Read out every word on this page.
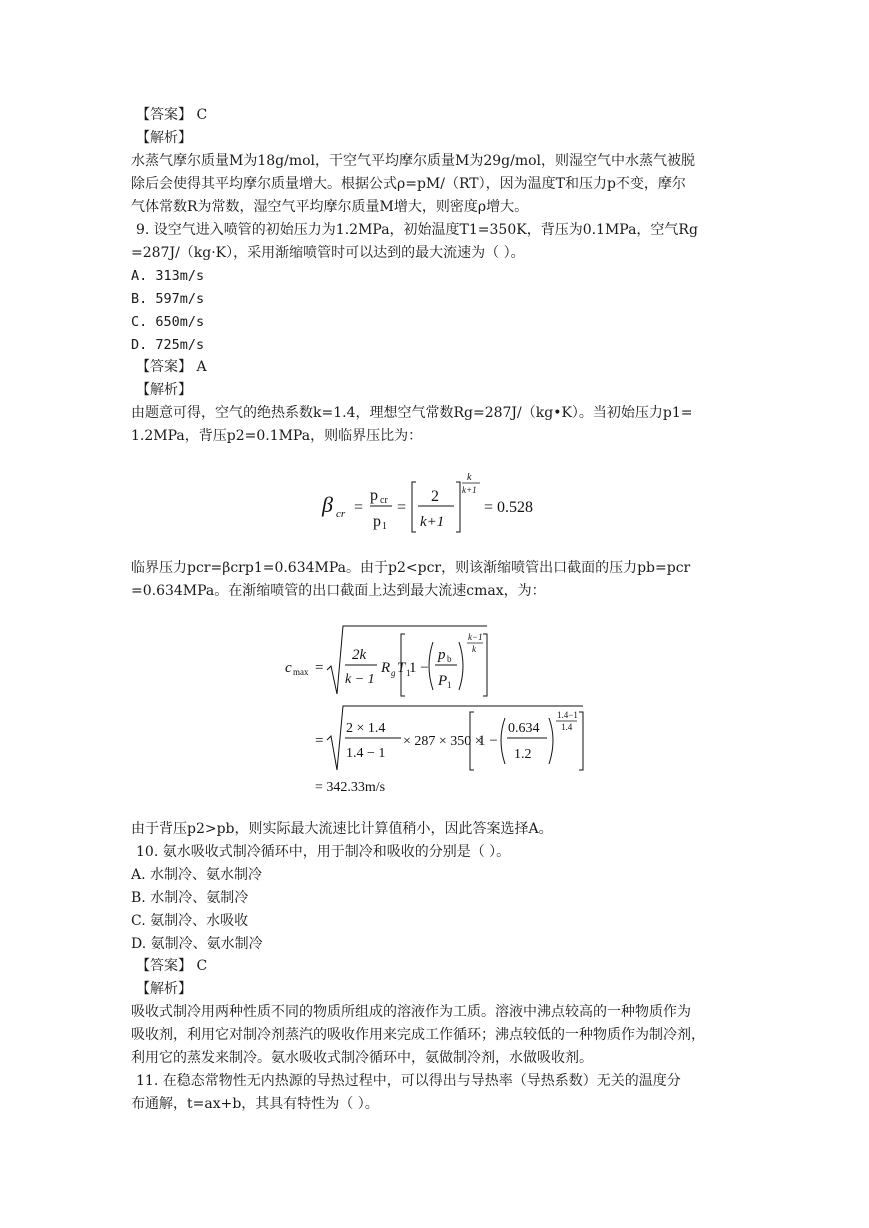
【答案】 C
【解析】
水蒸气摩尔质量M为18g/mol，干空气平均摩尔质量M为29g/mol，则湿空气中水蒸气被脱
除后会使得其平均摩尔质量增大。根据公式ρ=pM/（RT），因为温度T和压力p不变，摩尔
气体常数R为常数，湿空气平均摩尔质量M增大，则密度ρ增大。
9. 设空气进入喷管的初始压力为1.2MPa，初始温度T1=350K，背压为0.1MPa，空气Rg
=287J/（kg·K），采用渐缩喷管时可以达到的最大流速为（ ）。
A. 313m/s
B. 597m/s
C. 650m/s
D. 725m/s
【答案】 A
【解析】
由题意可得，空气的绝热系数k=1.4，理想空气常数Rg=287J/（kg•K）。当初始压力p1=
1.2MPa，背压p2=0.1MPa，则临界压比为：
β cr =
p cr
p 1
=
2
k+1
k
k+1
= 0.528
临界压力pcr=βcrp1=0.634MPa。由于p2<pcr，则该渐缩喷管出口截面的压力pb=pcr
=0.634MPa。在渐缩喷管的出口截面上达到最大流速cmax，为：
c max =
2k
k − 1
R g T 1
1 −
p b
P 1
k−1
k
=
2 × 1.4
1.4 − 1
× 287 × 350 ×
1 −
0.634
1.2
1.4−1
1.4
= 342.33m/s
由于背压p2>pb，则实际最大流速比计算值稍小，因此答案选择A。
10. 氨水吸收式制冷循环中，用于制冷和吸收的分别是（ ）。
A. 水制冷、氨水制冷
B. 水制冷、氨制冷
C. 氨制冷、水吸收
D. 氨制冷、氨水制冷
【答案】 C
【解析】
吸收式制冷用两种性质不同的物质所组成的溶液作为工质。溶液中沸点较高的一种物质作为
吸收剂，利用它对制冷剂蒸汽的吸收作用来完成工作循环；沸点较低的一种物质作为制冷剂，
利用它的蒸发来制冷。氨水吸收式制冷循环中，氨做制冷剂，水做吸收剂。
11. 在稳态常物性无内热源的导热过程中，可以得出与导热率（导热系数）无关的温度分
布通解，t=ax+b，其具有特性为（ ）。
